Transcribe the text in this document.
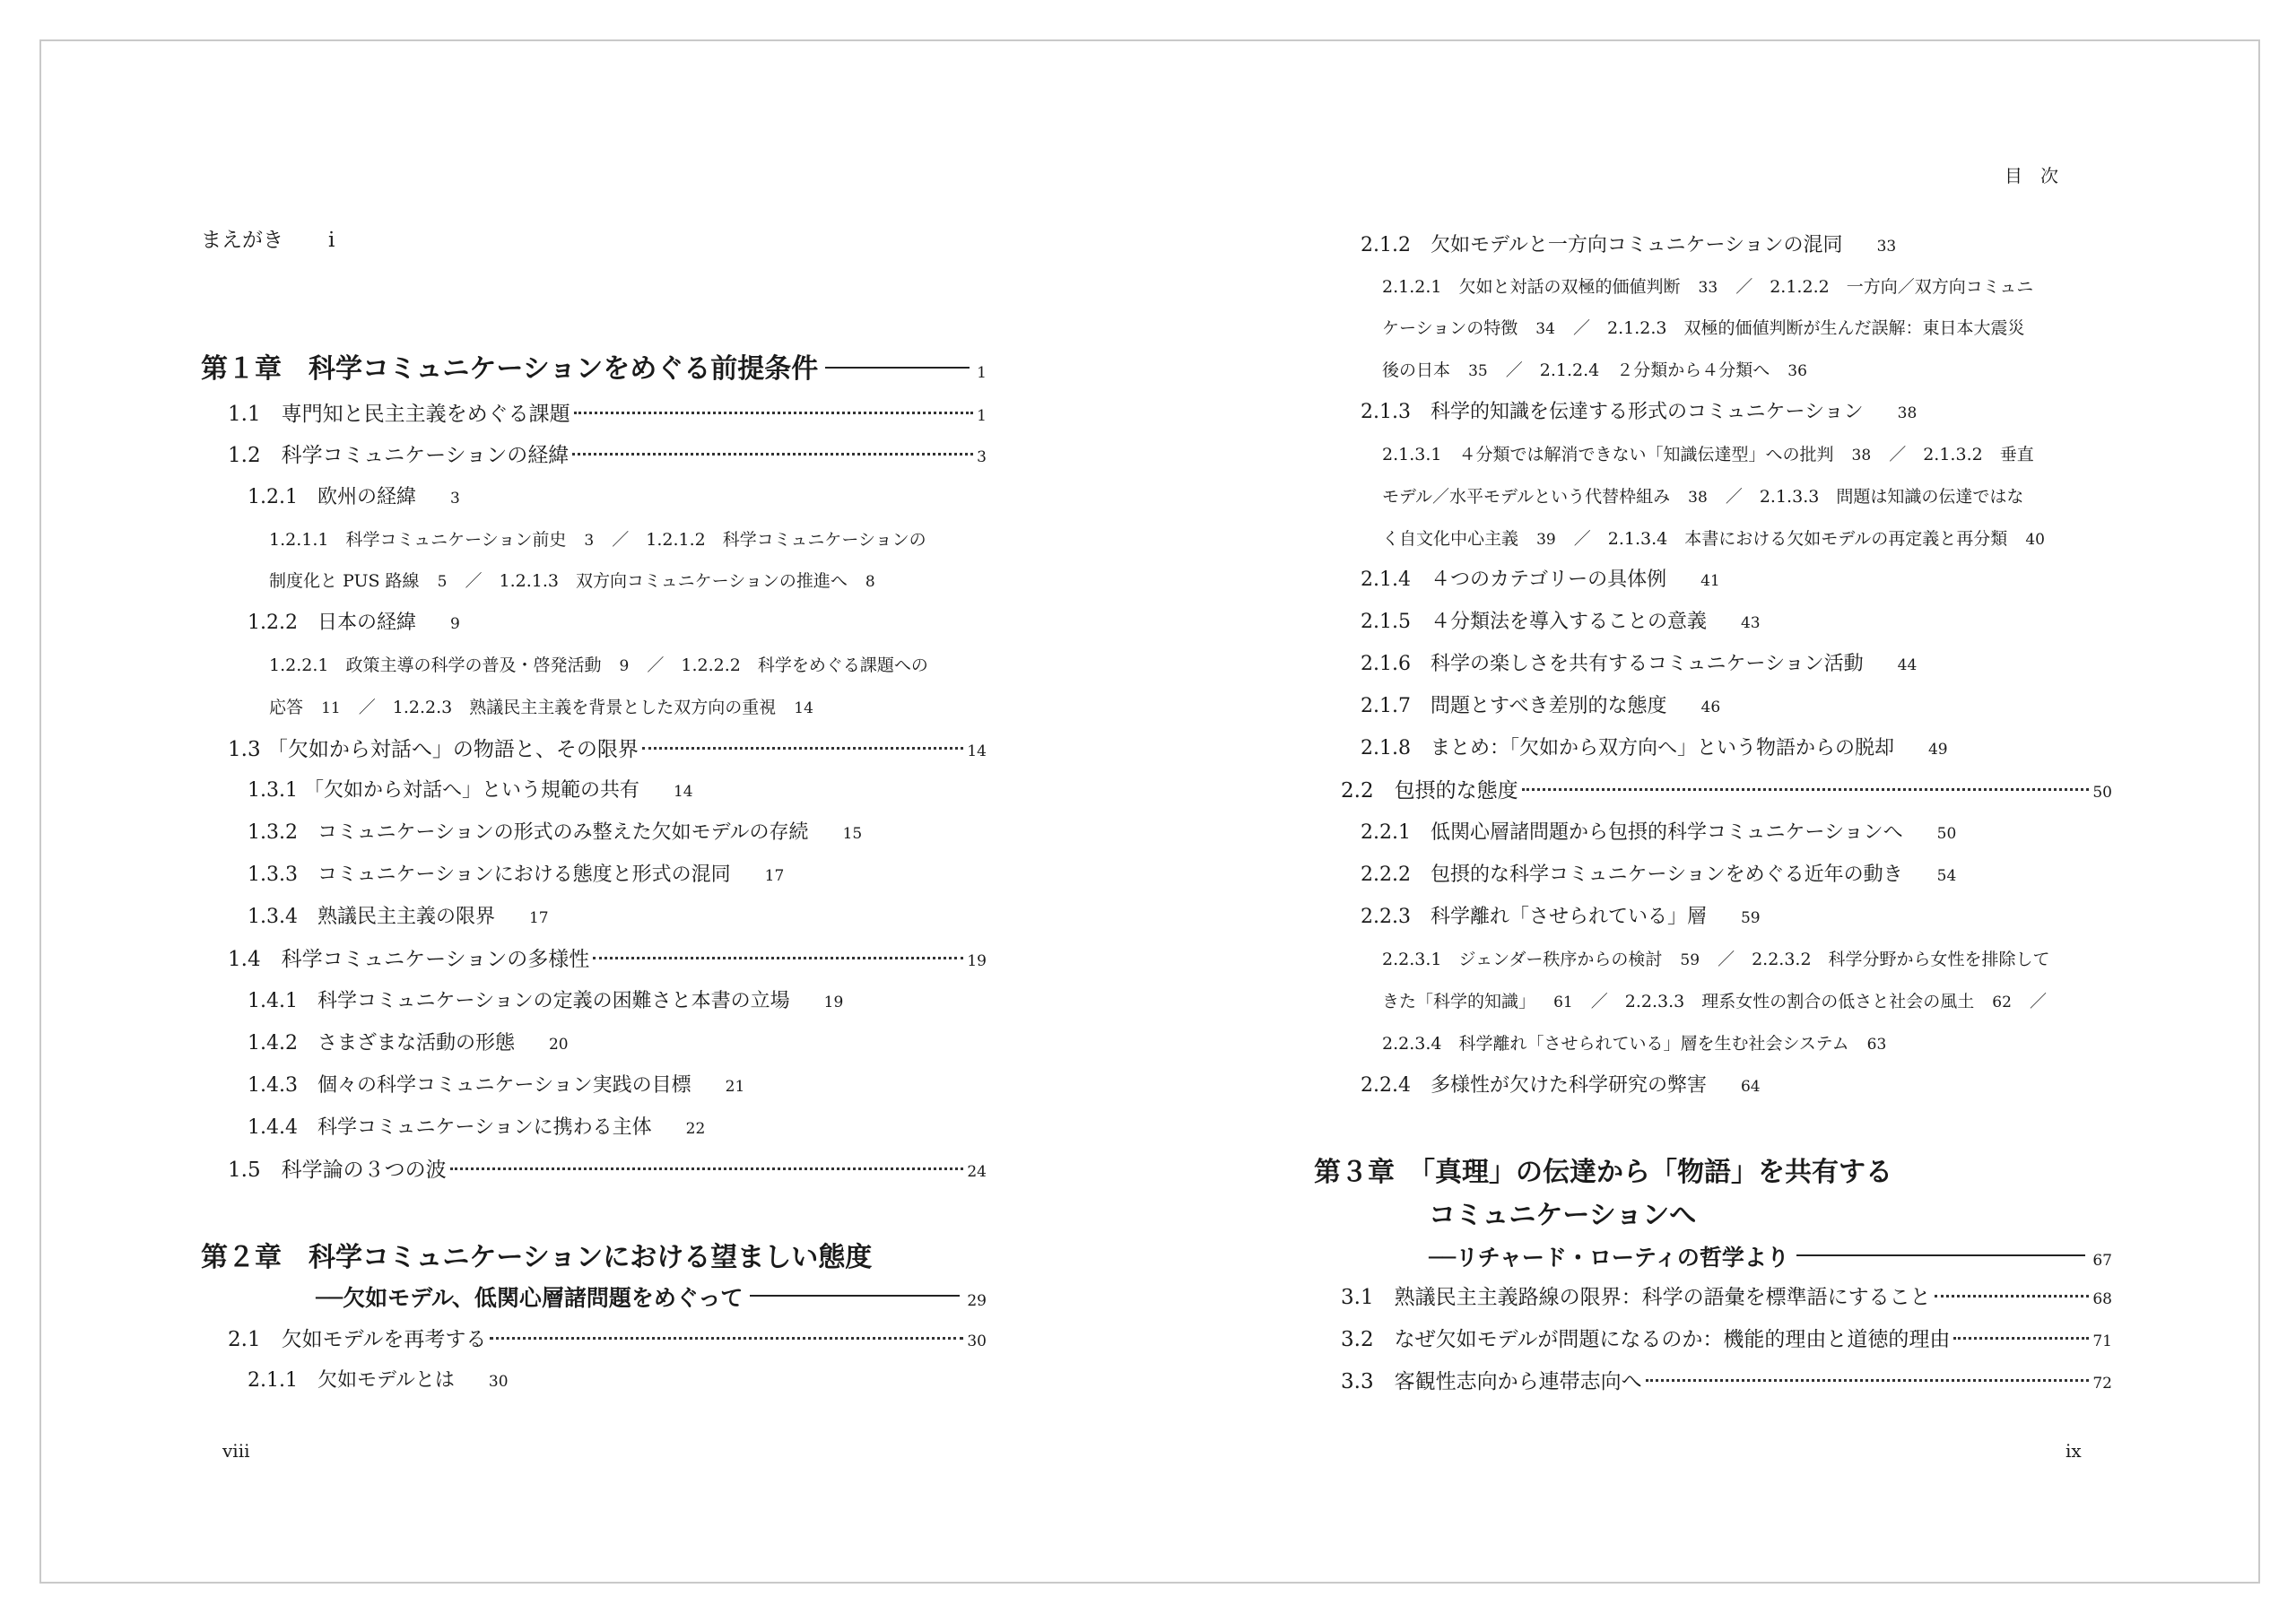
まえがき i
第１章　科学コミュニケーションをめぐる前提条件	1
1.1　専門知と民主主義をめぐる課題	1
1.2　科学コミュニケーションの経緯	3
1.2.1　欧州の経緯 3
1.2.1.1　科学コミュニケーション前史 3 ／　1.2.1.2　科学コミュニケーションの
制度化と PUS 路線 5 ／　1.2.1.3　双方向コミュニケーションの推進へ 8
1.2.2　日本の経緯 9
1.2.2.1　政策主導の科学の普及・啓発活動 9 ／　1.2.2.2　科学をめぐる課題への
応答 11 ／　1.2.2.3　熟議民主主義を背景とした双方向の重視 14
1.3 「欠如から対話へ」の物語と、その限界	14
1.3.1 「欠如から対話へ」という規範の共有 14
1.3.2　コミュニケーションの形式のみ整えた欠如モデルの存続 15
1.3.3　コミュニケーションにおける態度と形式の混同 17
1.3.4　熟議民主主義の限界 17
1.4　科学コミュニケーションの多様性	19
1.4.1　科学コミュニケーションの定義の困難さと本書の立場 19
1.4.2　さまざまな活動の形態 20
1.4.3　個々の科学コミュニケーション実践の目標 21
1.4.4　科学コミュニケーションに携わる主体 22
1.5　科学論の３つの波	24
第２章　科学コミュニケーションにおける望ましい態度
──欠如モデル、低関心層諸問題をめぐって	29
2.1　欠如モデルを再考する	30
2.1.1　欠如モデルとは 30
viii
目　次
2.1.2　欠如モデルと一方向コミュニケーションの混同 33
2.1.2.1　欠如と対話の双極的価値判断 33 ／　2.1.2.2　一方向／双方向コミュニ
ケーションの特徴 34 ／　2.1.2.3　双極的価値判断が生んだ誤解：東日本大震災
後の日本 35 ／　2.1.2.4　２分類から４分類へ 36
2.1.3　科学的知識を伝達する形式のコミュニケーション 38
2.1.3.1　４分類では解消できない「知識伝達型」への批判 38 ／　2.1.3.2　垂直
モデル／水平モデルという代替枠組み 38 ／　2.1.3.3　問題は知識の伝達ではな
く自文化中心主義 39 ／　2.1.3.4　本書における欠如モデルの再定義と再分類 40
2.1.4　４つのカテゴリーの具体例 41
2.1.5　４分類法を導入することの意義 43
2.1.6　科学の楽しさを共有するコミュニケーション活動 44
2.1.7　問題とすべき差別的な態度 46
2.1.8　まとめ：「欠如から双方向へ」という物語からの脱却 49
2.2　包摂的な態度	50
2.2.1　低関心層諸問題から包摂的科学コミュニケーションへ 50
2.2.2　包摂的な科学コミュニケーションをめぐる近年の動き 54
2.2.3　科学離れ「させられている」層 59
2.2.3.1　ジェンダー秩序からの検討 59 ／　2.2.3.2　科学分野から女性を排除して
きた「科学的知識」 61 ／　2.2.3.3　理系女性の割合の低さと社会の風土 62 ／
2.2.3.4　科学離れ「させられている」層を生む社会システム 63
2.2.4　多様性が欠けた科学研究の弊害 64
第３章　「真理」の伝達から「物語」を共有する
コミュニケーションへ
──リチャード・ローティの哲学より	67
3.1　熟議民主主義路線の限界：科学の語彙を標準語にすること	68
3.2　なぜ欠如モデルが問題になるのか：機能的理由と道徳的理由	71
3.3　客観性志向から連帯志向へ	72
ix
